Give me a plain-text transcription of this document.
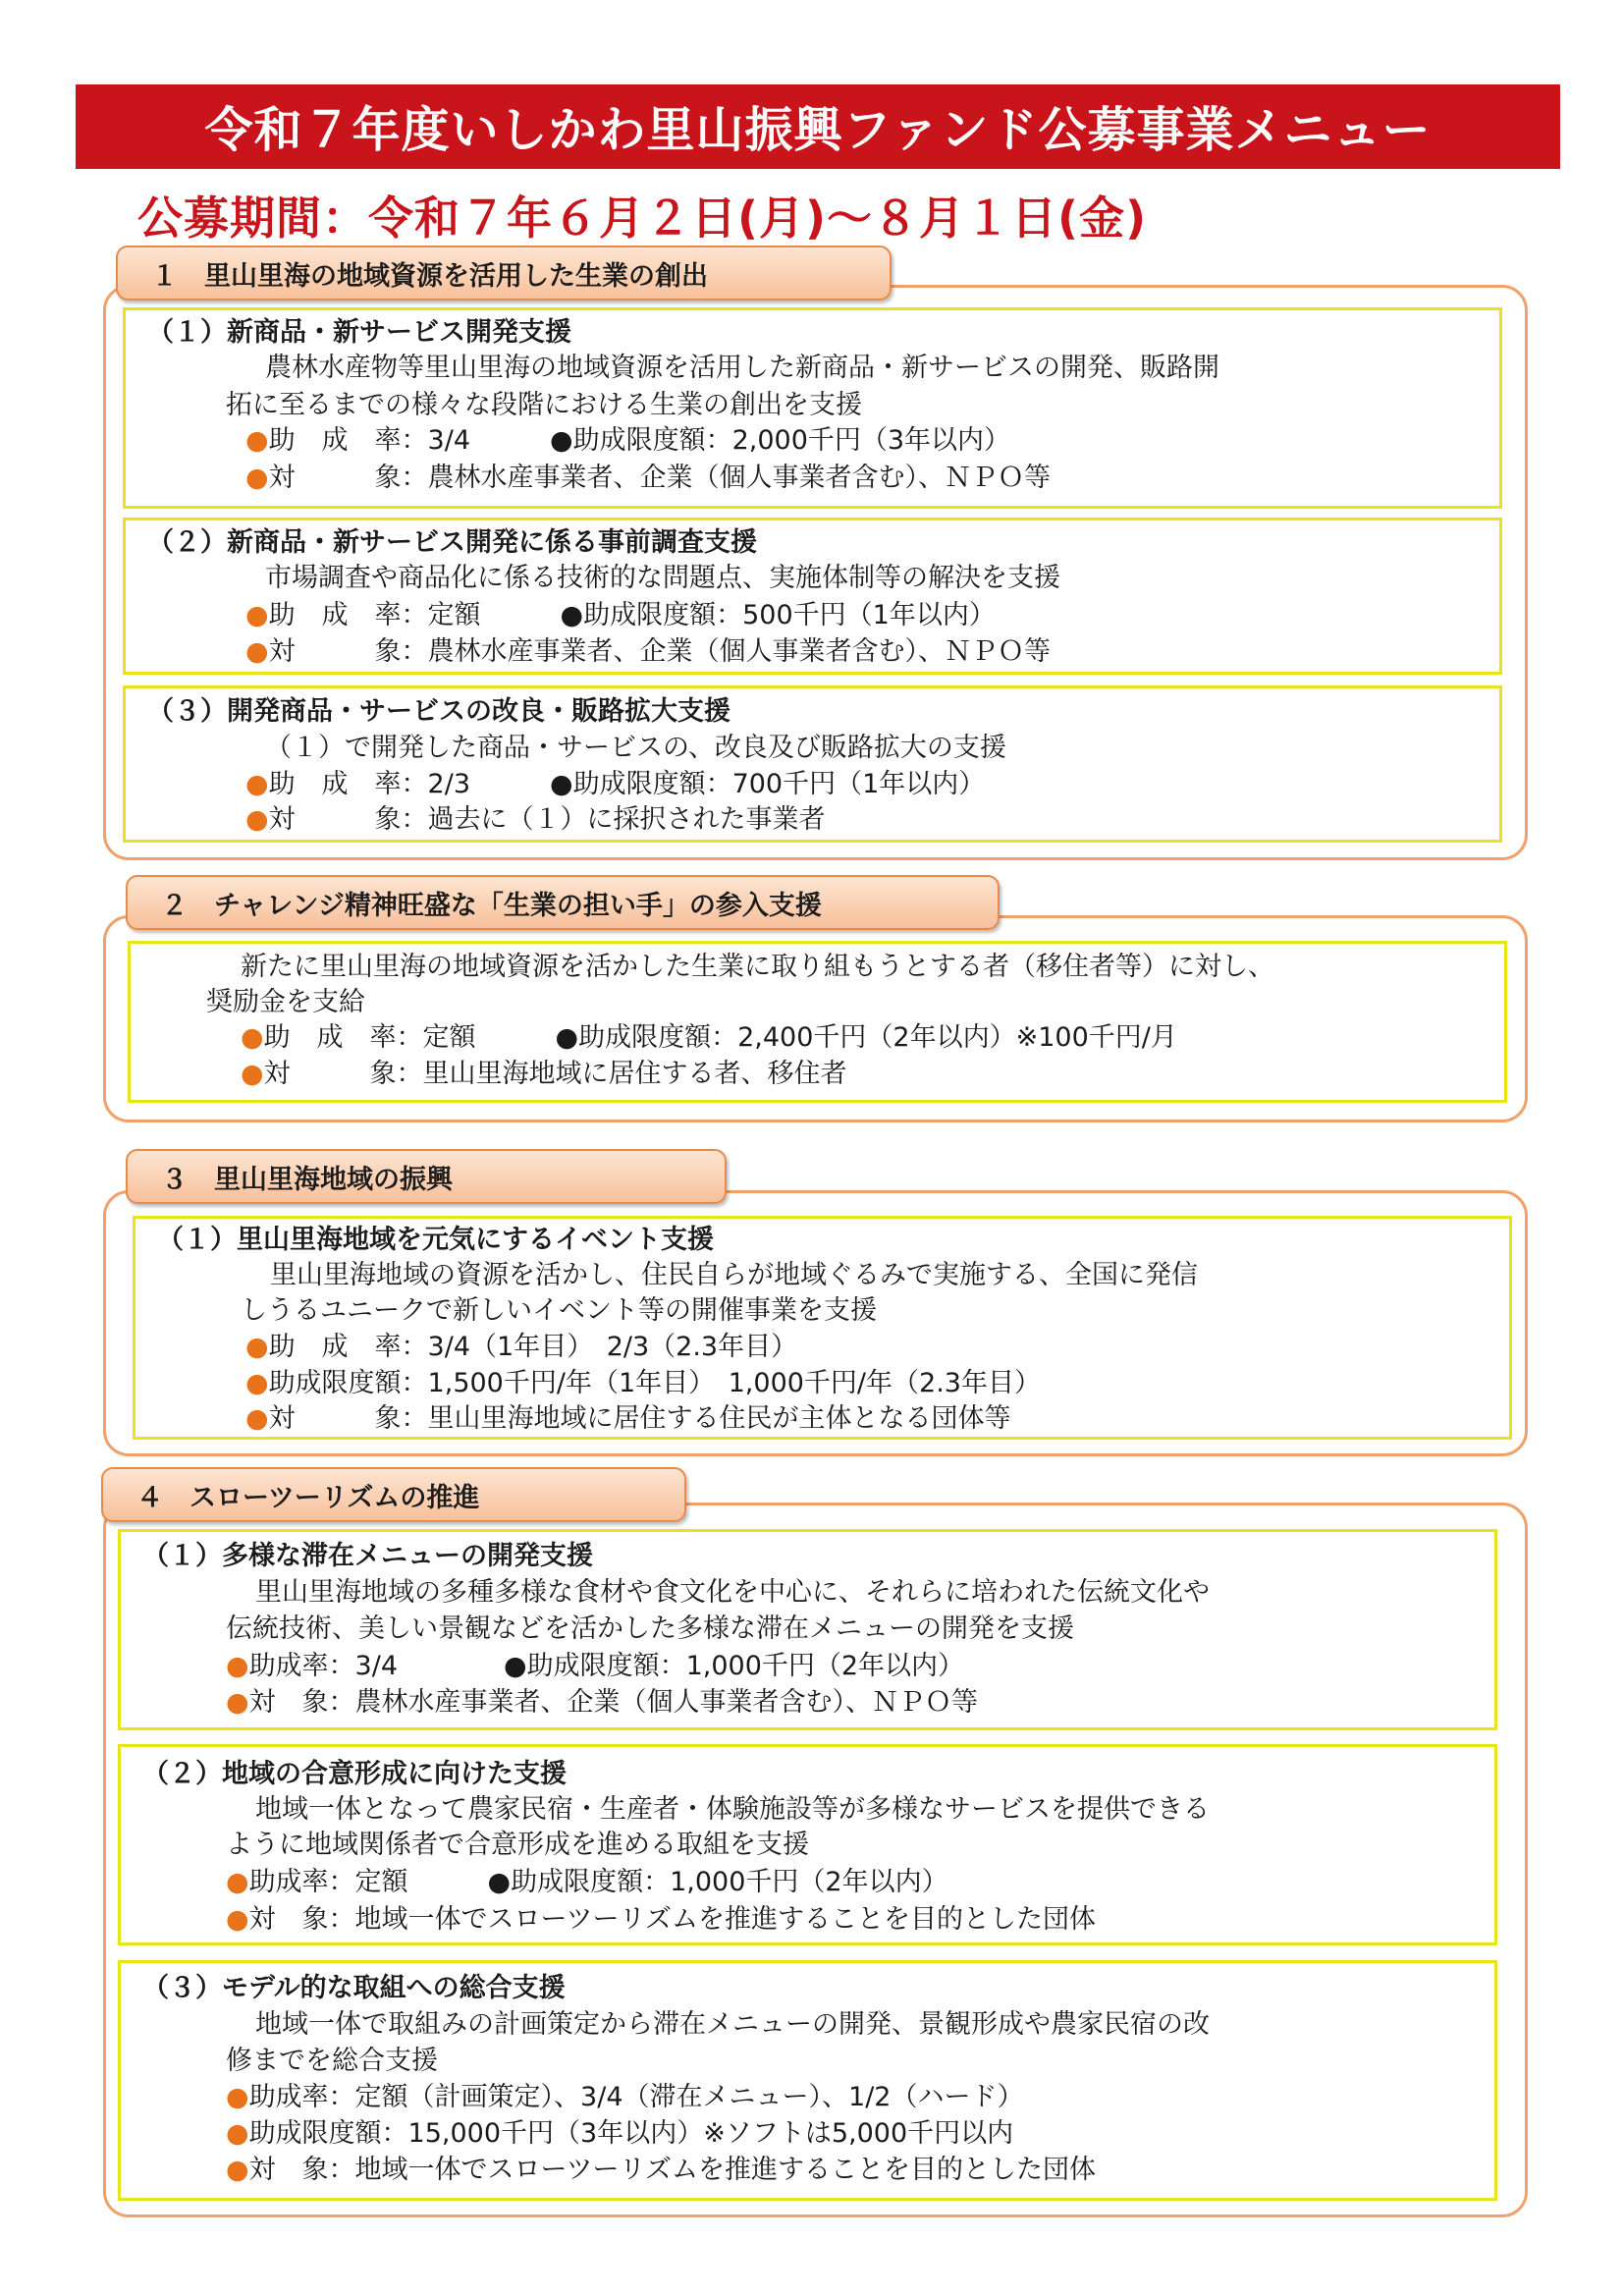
令和７年度いしかわ里山振興ファンド公募事業メニュー
公募期間：令和７年６月２日(月)～８月１日(金)
１　里山里海の地域資源を活用した生業の創出
（１）新商品・新サービス開発支援
農林水産物等里山里海の地域資源を活用した新商品・新サービスの開発、販路開
拓に至るまでの様々な段階における生業の創出を支援
●助　成　率：3/4　　　●助成限度額：2,000千円（3年以内）
●対　　　象：農林水産事業者、企業（個人事業者含む）、ＮＰＯ等
（２）新商品・新サービス開発に係る事前調査支援
市場調査や商品化に係る技術的な問題点、実施体制等の解決を支援
●助　成　率：定額　　　●助成限度額：500千円（1年以内）
●対　　　象：農林水産事業者、企業（個人事業者含む）、ＮＰＯ等
（３）開発商品・サービスの改良・販路拡大支援
（１）で開発した商品・サービスの、改良及び販路拡大の支援
●助　成　率：2/3　　　●助成限度額：700千円（1年以内）
●対　　　象：過去に（１）に採択された事業者
２　チャレンジ精神旺盛な「生業の担い手」の参入支援
新たに里山里海の地域資源を活かした生業に取り組もうとする者（移住者等）に対し、
奨励金を支給
●助　成　率：定額　　　●助成限度額：2,400千円（2年以内）※100千円/月
●対　　　象：里山里海地域に居住する者、移住者
３　里山里海地域の振興
（１）里山里海地域を元気にするイベント支援
里山里海地域の資源を活かし、住民自らが地域ぐるみで実施する、全国に発信
しうるユニークで新しいイベント等の開催事業を支援
●助　成　率：3/4（1年目）　2/3（2.3年目）
●助成限度額：1,500千円/年（1年目）　1,000千円/年（2.3年目）
●対　　　象：里山里海地域に居住する住民が主体となる団体等
４　スローツーリズムの推進
（１）多様な滞在メニューの開発支援
里山里海地域の多種多様な食材や食文化を中心に、それらに培われた伝統文化や
伝統技術、美しい景観などを活かした多様な滞在メニューの開発を支援
●助成率：3/4　　　　●助成限度額：1,000千円（2年以内）
●対　象：農林水産事業者、企業（個人事業者含む）、ＮＰＯ等
（２）地域の合意形成に向けた支援
地域一体となって農家民宿・生産者・体験施設等が多様なサービスを提供できる
ように地域関係者で合意形成を進める取組を支援
●助成率：定額　　　●助成限度額：1,000千円（2年以内）
●対　象：地域一体でスローツーリズムを推進することを目的とした団体
（３）モデル的な取組への総合支援
地域一体で取組みの計画策定から滞在メニューの開発、景観形成や農家民宿の改
修までを総合支援
●助成率：定額（計画策定）、3/4（滞在メニュー）、1/2（ハード）
●助成限度額：15,000千円（3年以内）※ソフトは5,000千円以内
●対　象：地域一体でスローツーリズムを推進することを目的とした団体
